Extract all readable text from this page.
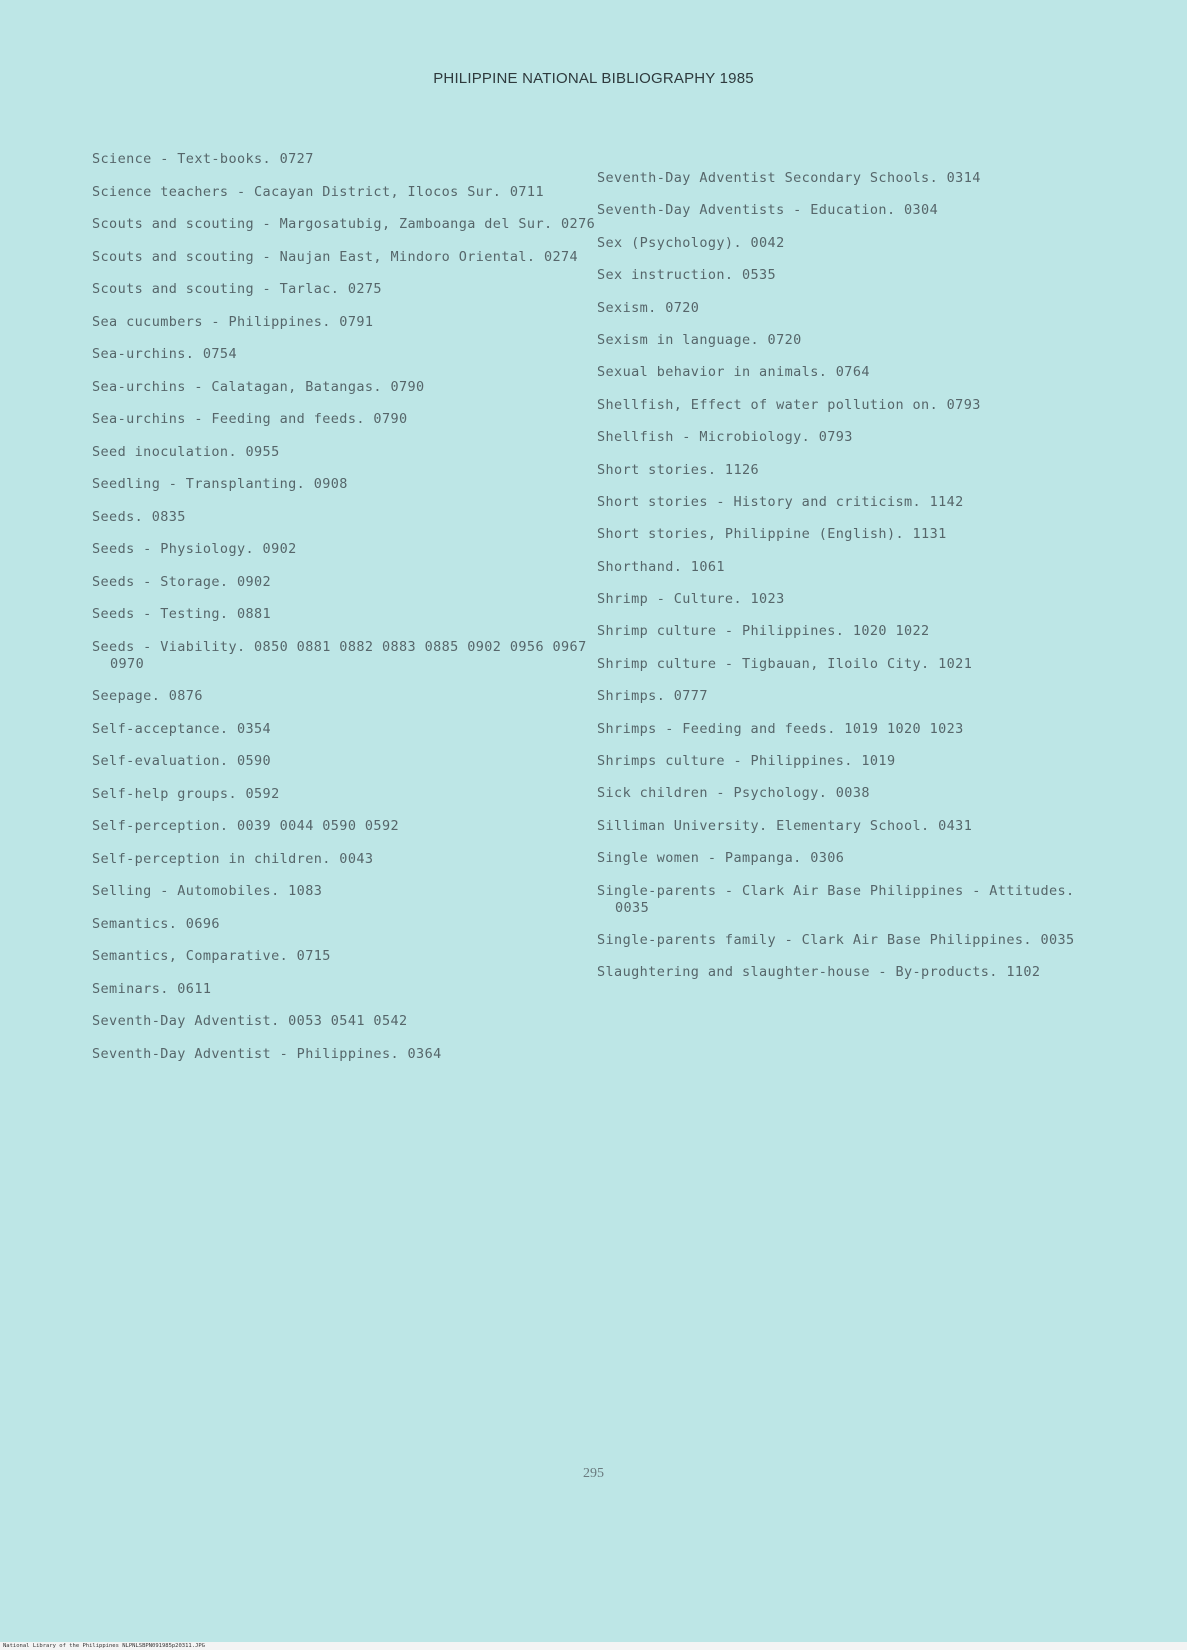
PHILIPPINE NATIONAL BIBLIOGRAPHY 1985
Science - Text-books. 0727
Science teachers - Cacayan District, Ilocos Sur. 0711
Scouts and scouting - Margosatubig, Zamboanga del Sur. 0276
Scouts and scouting - Naujan East, Mindoro Oriental. 0274
Scouts and scouting - Tarlac. 0275
Sea cucumbers - Philippines. 0791
Sea-urchins. 0754
Sea-urchins - Calatagan, Batangas. 0790
Sea-urchins - Feeding and feeds. 0790
Seed inoculation. 0955
Seedling - Transplanting. 0908
Seeds. 0835
Seeds - Physiology. 0902
Seeds - Storage. 0902
Seeds - Testing. 0881
Seeds - Viability. 0850 0881 0882 0883 0885 0902 0956 0967 0970
Seepage. 0876
Self-acceptance. 0354
Self-evaluation. 0590
Self-help groups. 0592
Self-perception. 0039 0044 0590 0592
Self-perception in children. 0043
Selling - Automobiles. 1083
Semantics. 0696
Semantics, Comparative. 0715
Seminars. 0611
Seventh-Day Adventist. 0053 0541 0542
Seventh-Day Adventist - Philippines. 0364
Seventh-Day Adventist Secondary Schools. 0314
Seventh-Day Adventists - Education. 0304
Sex (Psychology). 0042
Sex instruction. 0535
Sexism. 0720
Sexism in language. 0720
Sexual behavior in animals. 0764
Shellfish, Effect of water pollution on. 0793
Shellfish - Microbiology. 0793
Short stories. 1126
Short stories - History and criticism. 1142
Short stories, Philippine (English). 1131
Shorthand. 1061
Shrimp - Culture. 1023
Shrimp culture - Philippines. 1020 1022
Shrimp culture - Tigbauan, Iloilo City. 1021
Shrimps. 0777
Shrimps - Feeding and feeds. 1019 1020 1023
Shrimps culture - Philippines. 1019
Sick children - Psychology. 0038
Silliman University. Elementary School. 0431
Single women - Pampanga. 0306
Single-parents - Clark Air Base Philippines - Attitudes. 0035
Single-parents family - Clark Air Base Philippines. 0035
Slaughtering and slaughter-house - By-products. 1102
295
National Library of the Philippines NLPNLSBPN091985p20311.JPG
